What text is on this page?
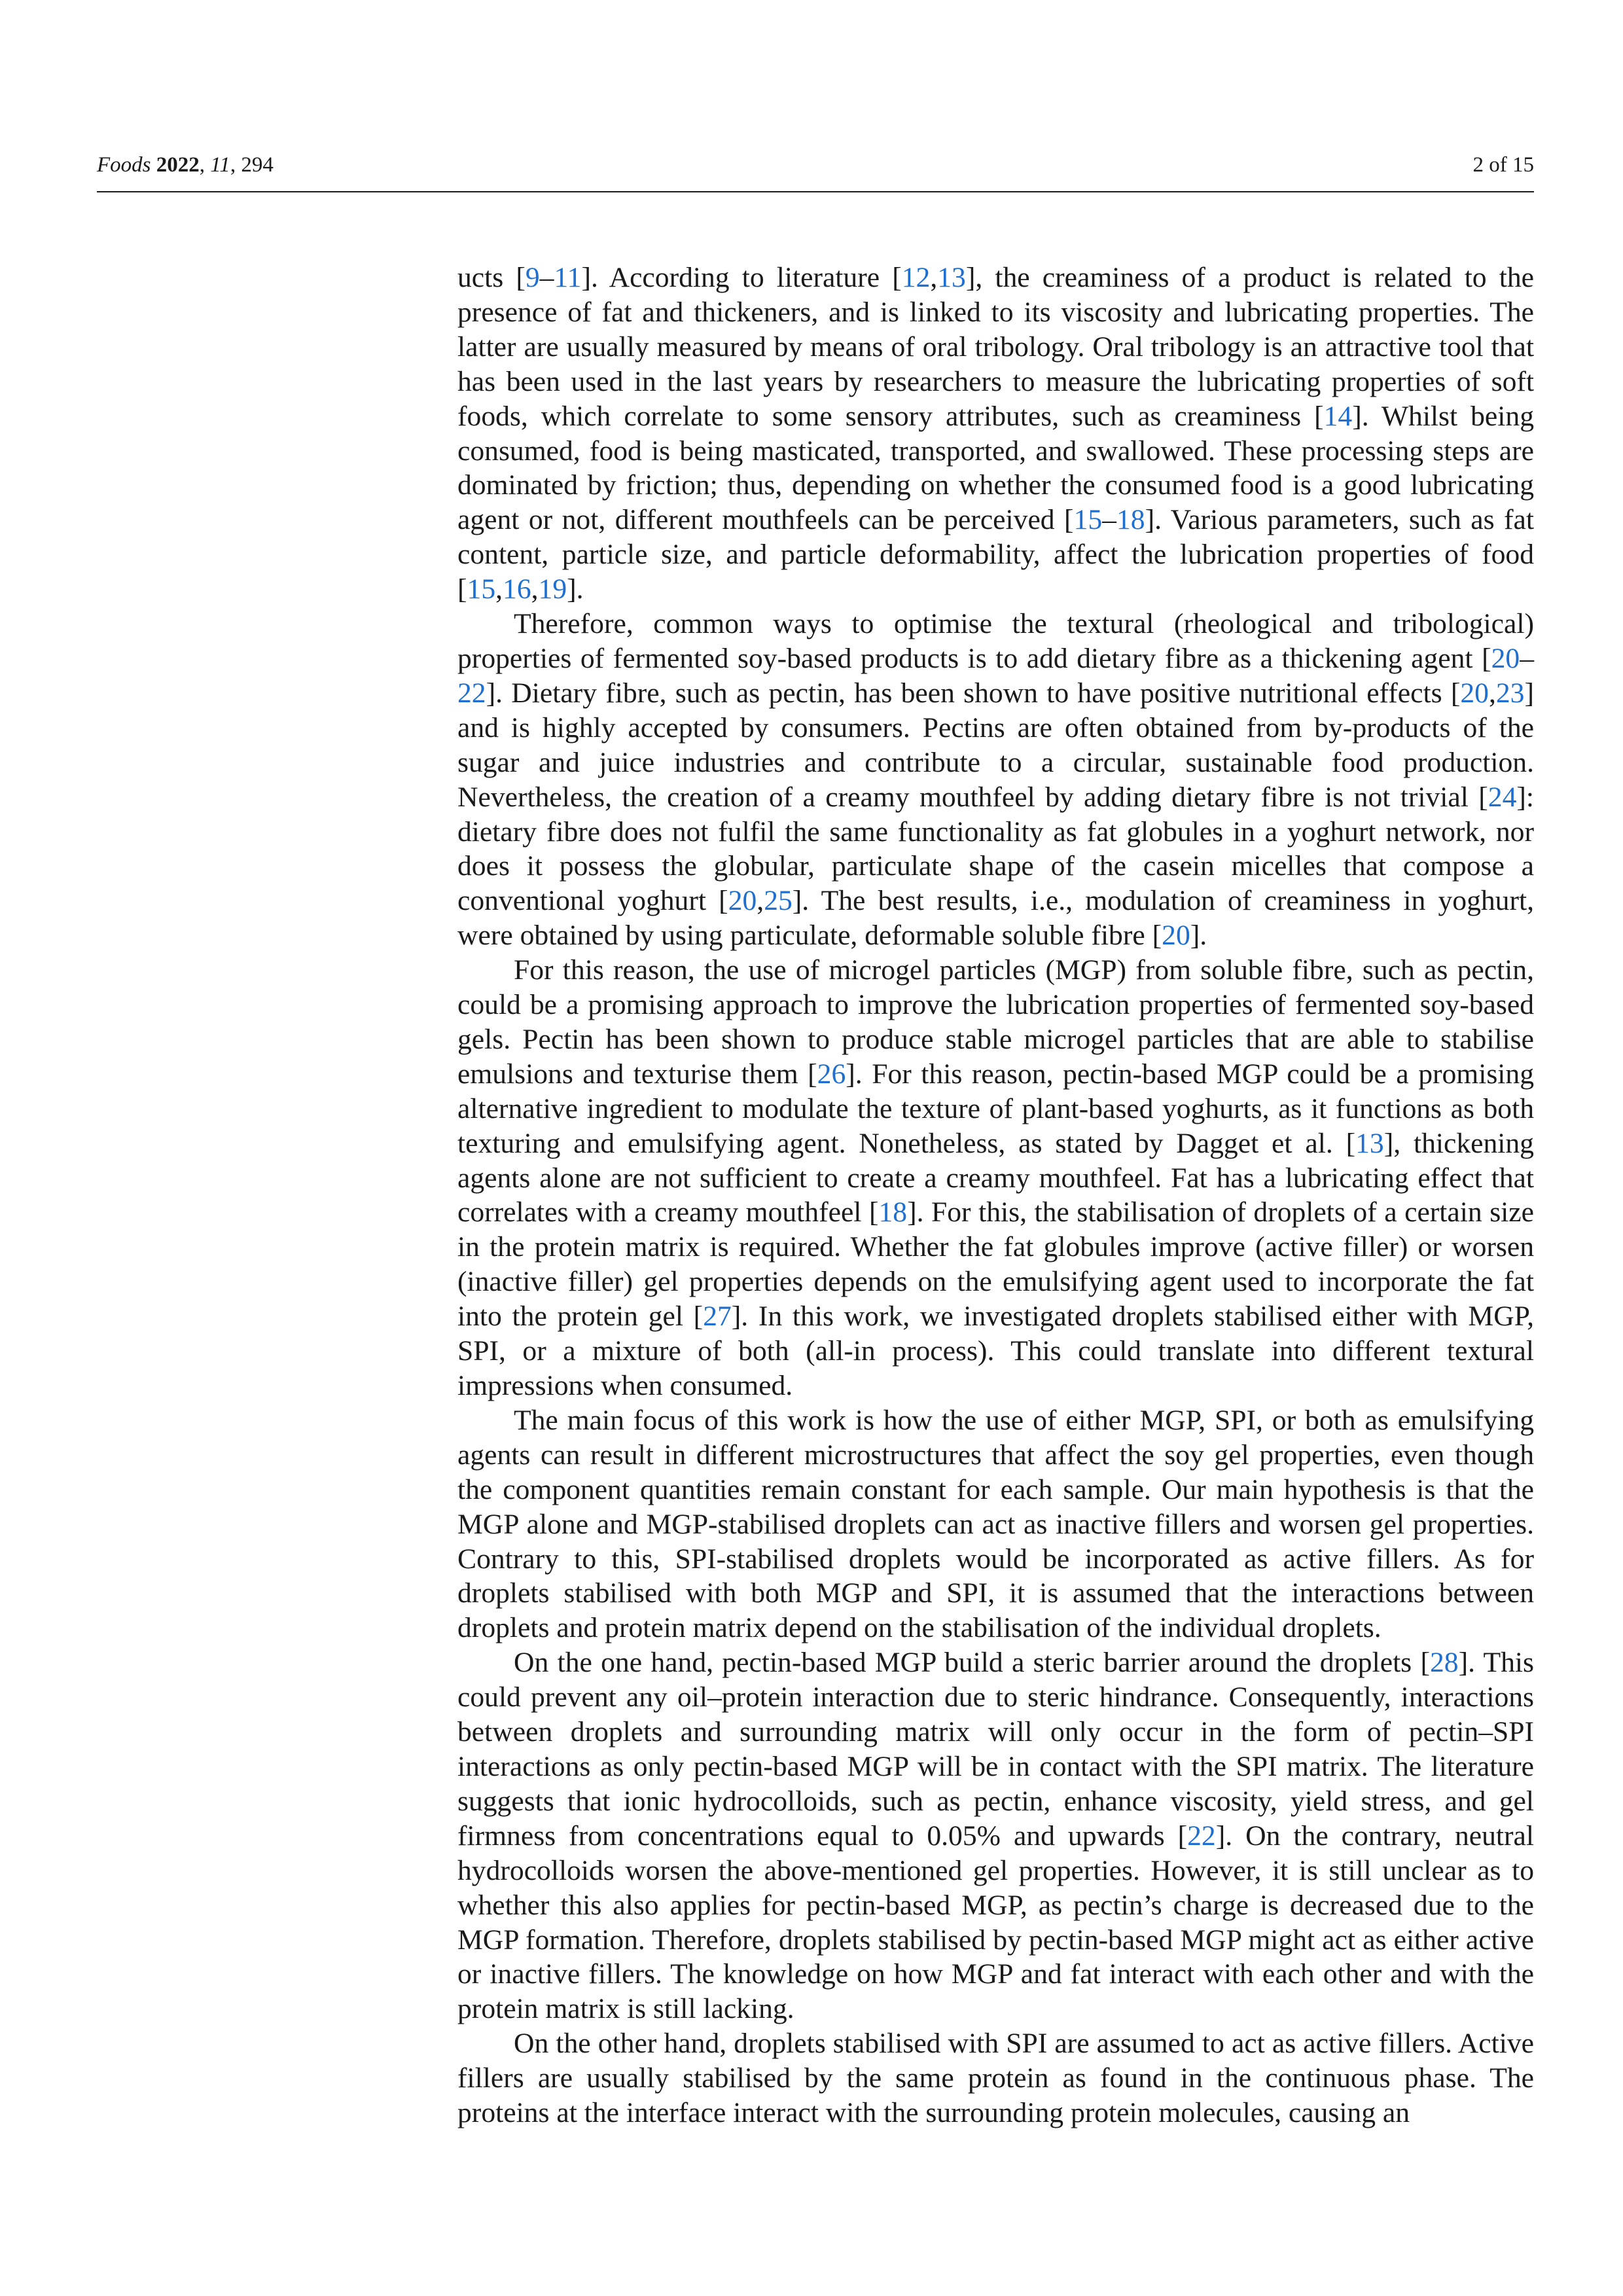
Foods 2022, 11, 294	2 of 15

ucts [9–11]. According to literature [12,13], the creaminess of a product is related to the presence of fat and thickeners, and is linked to its viscosity and lubricating properties. The latter are usually measured by means of oral tribology. Oral tribology is an attractive tool that has been used in the last years by researchers to measure the lubricating properties of soft foods, which correlate to some sensory attributes, such as creaminess [14]. Whilst being consumed, food is being masticated, transported, and swallowed. These processing steps are dominated by friction; thus, depending on whether the consumed food is a good lubricating agent or not, different mouthfeels can be perceived [15–18]. Various parameters, such as fat content, particle size, and particle deformability, affect the lubrication properties of food [15,16,19].

Therefore, common ways to optimise the textural (rheological and tribological) properties of fermented soy-based products is to add dietary fibre as a thickening agent [20–22]. Dietary fibre, such as pectin, has been shown to have positive nutritional effects [20,23] and is highly accepted by consumers. Pectins are often obtained from by-products of the sugar and juice industries and contribute to a circular, sustainable food production. Nevertheless, the creation of a creamy mouthfeel by adding dietary fibre is not trivial [24]: dietary fibre does not fulfil the same functionality as fat globules in a yoghurt network, nor does it possess the globular, particulate shape of the casein micelles that compose a conventional yoghurt [20,25]. The best results, i.e., modulation of creaminess in yoghurt, were obtained by using particulate, deformable soluble fibre [20].

For this reason, the use of microgel particles (MGP) from soluble fibre, such as pectin, could be a promising approach to improve the lubrication properties of fermented soy-based gels. Pectin has been shown to produce stable microgel particles that are able to stabilise emulsions and texturise them [26]. For this reason, pectin-based MGP could be a promising alternative ingredient to modulate the texture of plant-based yoghurts, as it functions as both texturing and emulsifying agent. Nonetheless, as stated by Dagget et al. [13], thickening agents alone are not sufficient to create a creamy mouthfeel. Fat has a lubricating effect that correlates with a creamy mouthfeel [18]. For this, the stabilisation of droplets of a certain size in the protein matrix is required. Whether the fat globules improve (active filler) or worsen (inactive filler) gel properties depends on the emulsifying agent used to incorporate the fat into the protein gel [27]. In this work, we investigated droplets stabilised either with MGP, SPI, or a mixture of both (all-in process). This could translate into different textural impressions when consumed.

The main focus of this work is how the use of either MGP, SPI, or both as emulsifying agents can result in different microstructures that affect the soy gel properties, even though the component quantities remain constant for each sample. Our main hypothesis is that the MGP alone and MGP-stabilised droplets can act as inactive fillers and worsen gel properties. Contrary to this, SPI-stabilised droplets would be incorporated as active fillers. As for droplets stabilised with both MGP and SPI, it is assumed that the interactions between droplets and protein matrix depend on the stabilisation of the individual droplets.

On the one hand, pectin-based MGP build a steric barrier around the droplets [28]. This could prevent any oil–protein interaction due to steric hindrance. Consequently, interactions between droplets and surrounding matrix will only occur in the form of pectin–SPI interactions as only pectin-based MGP will be in contact with the SPI matrix. The literature suggests that ionic hydrocolloids, such as pectin, enhance viscosity, yield stress, and gel firmness from concentrations equal to 0.05% and upwards [22]. On the contrary, neutral hydrocolloids worsen the above-mentioned gel properties. However, it is still unclear as to whether this also applies for pectin-based MGP, as pectin’s charge is decreased due to the MGP formation. Therefore, droplets stabilised by pectin-based MGP might act as either active or inactive fillers. The knowledge on how MGP and fat interact with each other and with the protein matrix is still lacking.

On the other hand, droplets stabilised with SPI are assumed to act as active fillers. Active fillers are usually stabilised by the same protein as found in the continuous phase. The proteins at the interface interact with the surrounding protein molecules, causing an
